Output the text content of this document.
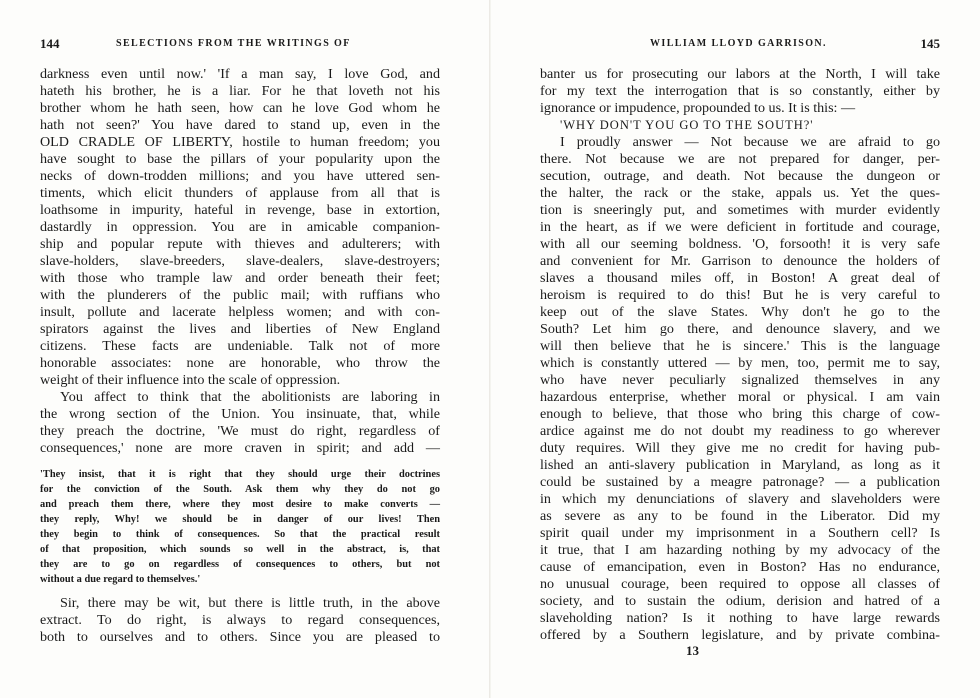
144	SELECTIONS FROM THE WRITINGS OF
darkness even until now.' 'If a man say, I love God, and
hateth his brother, he is a liar. For he that loveth not his
brother whom he hath seen, how can he love God whom he
hath not seen?' You have dared to stand up, even in the
OLD CRADLE OF LIBERTY, hostile to human freedom; you
have sought to base the pillars of your popularity upon the
necks of down-trodden millions; and you have uttered sen-
timents, which elicit thunders of applause from all that is
loathsome in impurity, hateful in revenge, base in extortion,
dastardly in oppression. You are in amicable companion-
ship and popular repute with thieves and adulterers; with
slave-holders, slave-breeders, slave-dealers, slave-destroyers;
with those who trample law and order beneath their feet;
with the plunderers of the public mail; with ruffians who
insult, pollute and lacerate helpless women; and with con-
spirators against the lives and liberties of New England
citizens. These facts are undeniable. Talk not of more
honorable associates: none are honorable, who throw the
weight of their influence into the scale of oppression.
You affect to think that the abolitionists are laboring in
the wrong section of the Union. You insinuate, that, while
they preach the doctrine, 'We must do right, regardless of
consequences,' none are more craven in spirit; and add —
'They insist, that it is right that they should urge their doctrines
for the conviction of the South. Ask them why they do not go
and preach them there, where they most desire to make converts —
they reply, Why! we should be in danger of our lives! Then
they begin to think of consequences. So that the practical result
of that proposition, which sounds so well in the abstract, is, that
they are to go on regardless of consequences to others, but not
without a due regard to themselves.'
Sir, there may be wit, but there is little truth, in the above
extract. To do right, is always to regard consequences,
both to ourselves and to others. Since you are pleased to
WILLIAM LLOYD GARRISON.	145
banter us for prosecuting our labors at the North, I will take
for my text the interrogation that is so constantly, either by
ignorance or impudence, propounded to us. It is this: —
'WHY DON'T YOU GO TO THE SOUTH?'
I proudly answer — Not because we are afraid to go
there. Not because we are not prepared for danger, per-
secution, outrage, and death. Not because the dungeon or
the halter, the rack or the stake, appals us. Yet the ques-
tion is sneeringly put, and sometimes with murder evidently
in the heart, as if we were deficient in fortitude and courage,
with all our seeming boldness. 'O, forsooth! it is very safe
and convenient for Mr. Garrison to denounce the holders of
slaves a thousand miles off, in Boston! A great deal of
heroism is required to do this! But he is very careful to
keep out of the slave States. Why don't he go to the
South? Let him go there, and denounce slavery, and we
will then believe that he is sincere.' This is the language
which is constantly uttered — by men, too, permit me to say,
who have never peculiarly signalized themselves in any
hazardous enterprise, whether moral or physical. I am vain
enough to believe, that those who bring this charge of cow-
ardice against me do not doubt my readiness to go wherever
duty requires. Will they give me no credit for having pub-
lished an anti-slavery publication in Maryland, as long as it
could be sustained by a meagre patronage? — a publication
in which my denunciations of slavery and slaveholders were
as severe as any to be found in the Liberator. Did my
spirit quail under my imprisonment in a Southern cell? Is
it true, that I am hazarding nothing by my advocacy of the
cause of emancipation, even in Boston? Has no endurance,
no unusual courage, been required to oppose all classes of
society, and to sustain the odium, derision and hatred of a
slaveholding nation? Is it nothing to have large rewards
offered by a Southern legislature, and by private combina-
13
